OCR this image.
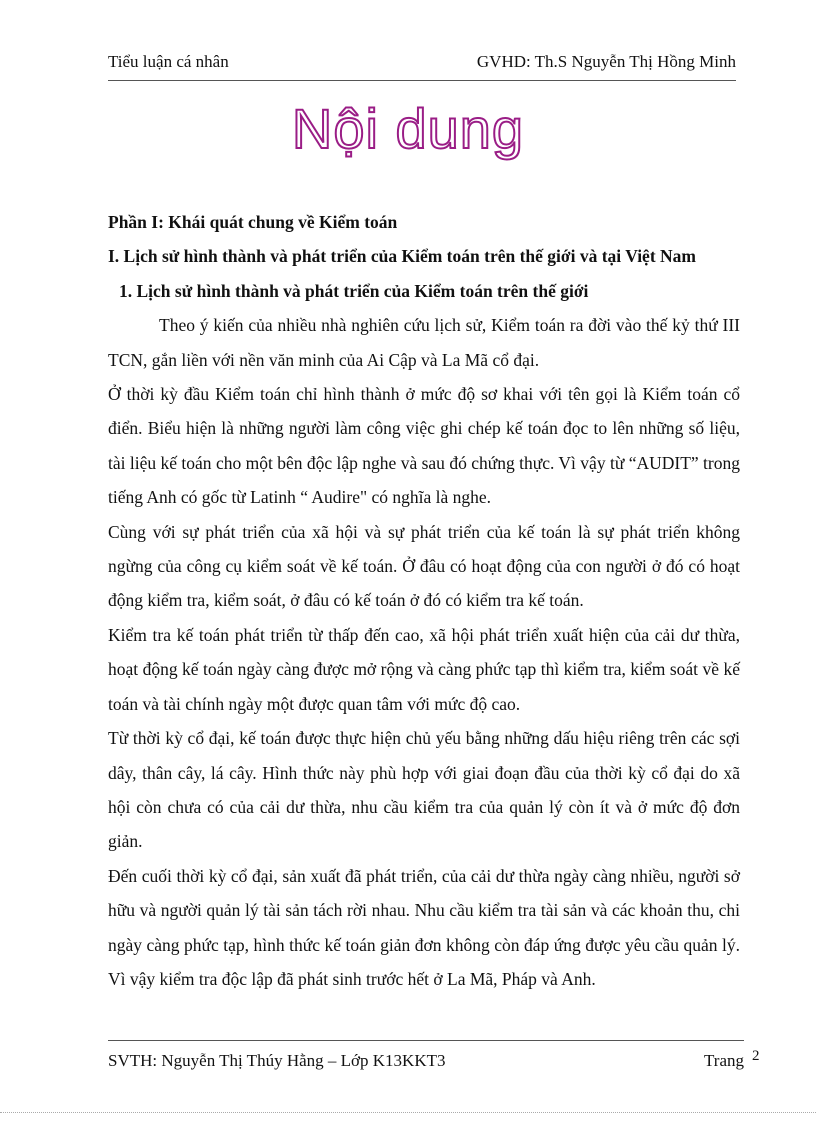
Tiểu luận cá nhân	GVHD: Th.S Nguyễn Thị Hồng Minh
Nội dung
Phần I: Khái quát chung về Kiểm toán
I. Lịch sử hình thành và phát triển của Kiểm toán trên thế giới và tại Việt Nam
1. Lịch sử hình thành và phát triển của Kiểm toán trên thế giới

Theo ý kiến của nhiều nhà nghiên cứu lịch sử, Kiểm toán ra đời vào thế kỷ thứ III TCN, gắn liền với nền văn minh của Ai Cập và La Mã cổ đại.

Ở thời kỳ đầu Kiểm toán chỉ hình thành ở mức độ sơ khai với tên gọi là Kiểm toán cổ điển. Biểu hiện là những người làm công việc ghi chép kế toán đọc to lên những số liệu, tài liệu kế toán cho một bên độc lập nghe và sau đó chứng thực. Vì vậy từ “AUDIT” trong tiếng Anh có gốc từ Latinh “ Audire" có nghĩa là nghe.

Cùng với sự phát triển của xã hội và sự phát triển của kế toán là sự phát triển không ngừng của công cụ kiểm soát về kế toán. Ở đâu có hoạt động của con người ở đó có hoạt động kiểm tra, kiểm soát, ở đâu có kế toán ở đó có kiểm tra kế toán.

Kiểm tra kế toán phát triển từ thấp đến cao, xã hội phát triển xuất hiện của cải dư thừa, hoạt động kế toán ngày càng được mở rộng và càng phức tạp thì kiểm tra, kiểm soát về kế toán và tài chính ngày một được quan tâm với mức độ cao.

Từ thời kỳ cổ đại, kế toán được thực hiện chủ yếu bằng những dấu hiệu riêng trên các sợi dây, thân cây, lá cây. Hình thức này phù hợp với giai đoạn đầu của thời kỳ cổ đại do xã hội còn chưa có của cải dư thừa, nhu cầu kiểm tra của quản lý còn ít và ở mức độ đơn giản.

Đến cuối thời kỳ cổ đại, sản xuất đã phát triển, của cải dư thừa ngày càng nhiều, người sở hữu và người quản lý tài sản tách rời nhau. Nhu cầu kiểm tra tài sản và các khoản thu, chi ngày càng phức tạp, hình thức kế toán giản đơn không còn đáp ứng được yêu cầu quản lý. Vì vậy kiểm tra độc lập đã phát sinh trước hết ở La Mã, Pháp và Anh.

SVTH: Nguyễn Thị Thúy Hằng – Lớp K13KKT3	Trang 2
